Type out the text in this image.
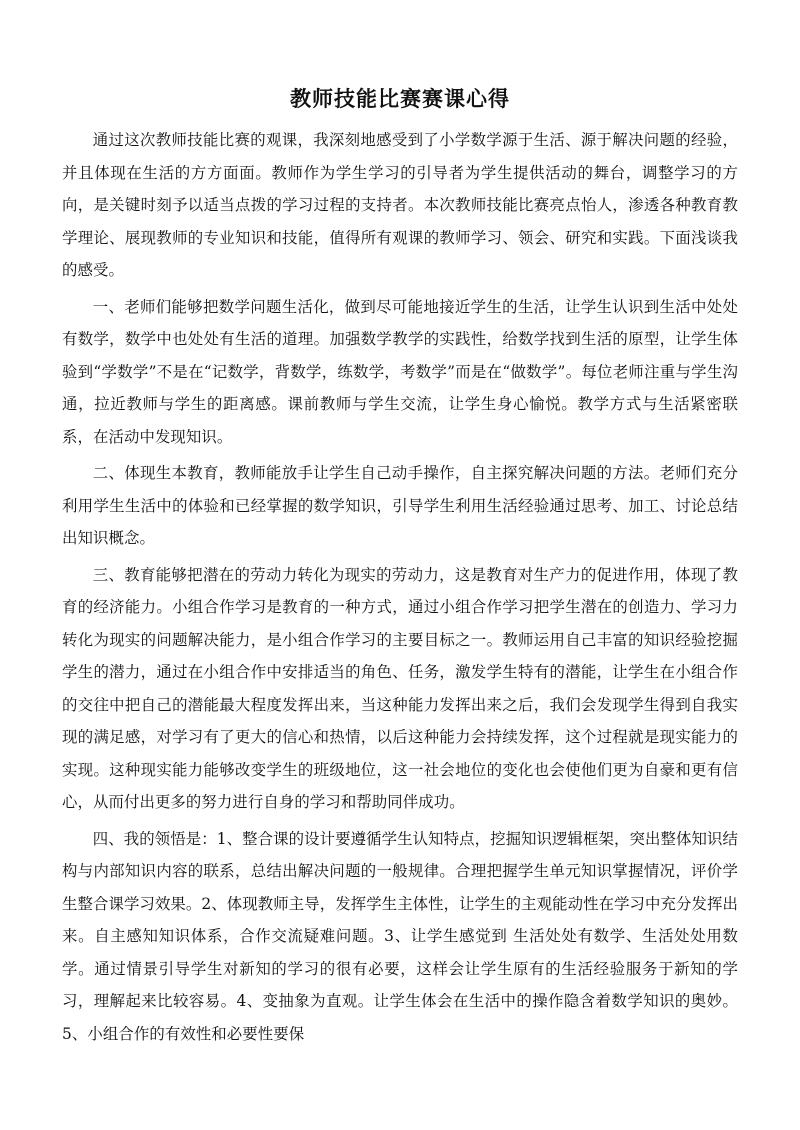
教师技能比赛赛课心得

通过这次教师技能比赛的观课，我深刻地感受到了小学数学源于生活、源于解决问题的经验，并且体现在生活的方方面面。教师作为学生学习的引导者为学生提供活动的舞台，调整学习的方向，是关键时刻予以适当点拨的学习过程的支持者。本次教师技能比赛亮点怡人，渗透各种教育教学理论、展现教师的专业知识和技能，值得所有观课的教师学习、领会、研究和实践。下面浅谈我的感受。

一、老师们能够把数学问题生活化，做到尽可能地接近学生的生活，让学生认识到生活中处处有数学，数学中也处处有生活的道理。加强数学教学的实践性，给数学找到生活的原型，让学生体验到“学数学”不是在“记数学，背数学，练数学，考数学”而是在“做数学”。每位老师注重与学生沟通，拉近教师与学生的距离感。课前教师与学生交流，让学生身心愉悦。教学方式与生活紧密联系，在活动中发现知识。

二、体现生本教育，教师能放手让学生自己动手操作，自主探究解决问题的方法。老师们充分利用学生生活中的体验和已经掌握的数学知识，引导学生利用生活经验通过思考、加工、讨论总结出知识概念。

三、教育能够把潜在的劳动力转化为现实的劳动力，这是教育对生产力的促进作用，体现了教育的经济能力。小组合作学习是教育的一种方式，通过小组合作学习把学生潜在的创造力、学习力转化为现实的问题解决能力，是小组合作学习的主要目标之一。教师运用自己丰富的知识经验挖掘学生的潜力，通过在小组合作中安排适当的角色、任务，激发学生特有的潜能，让学生在小组合作的交往中把自己的潜能最大程度发挥出来，当这种能力发挥出来之后，我们会发现学生得到自我实现的满足感，对学习有了更大的信心和热情，以后这种能力会持续发挥，这个过程就是现实能力的实现。这种现实能力能够改变学生的班级地位，这一社会地位的变化也会使他们更为自豪和更有信心，从而付出更多的努力进行自身的学习和帮助同伴成功。

四、我的领悟是：1、整合课的设计要遵循学生认知特点，挖掘知识逻辑框架，突出整体知识结构与内部知识内容的联系，总结出解决问题的一般规律。合理把握学生单元知识掌握情况，评价学生整合课学习效果。2、体现教师主导，发挥学生主体性，让学生的主观能动性在学习中充分发挥出来。自主感知知识体系，合作交流疑难问题。3、让学生感觉到 生活处处有数学、生活处处用数学。通过情景引导学生对新知的学习的很有必要，这样会让学生原有的生活经验服务于新知的学习，理解起来比较容易。4、变抽象为直观。让学生体会在生活中的操作隐含着数学知识的奥妙。5、小组合作的有效性和必要性要保
